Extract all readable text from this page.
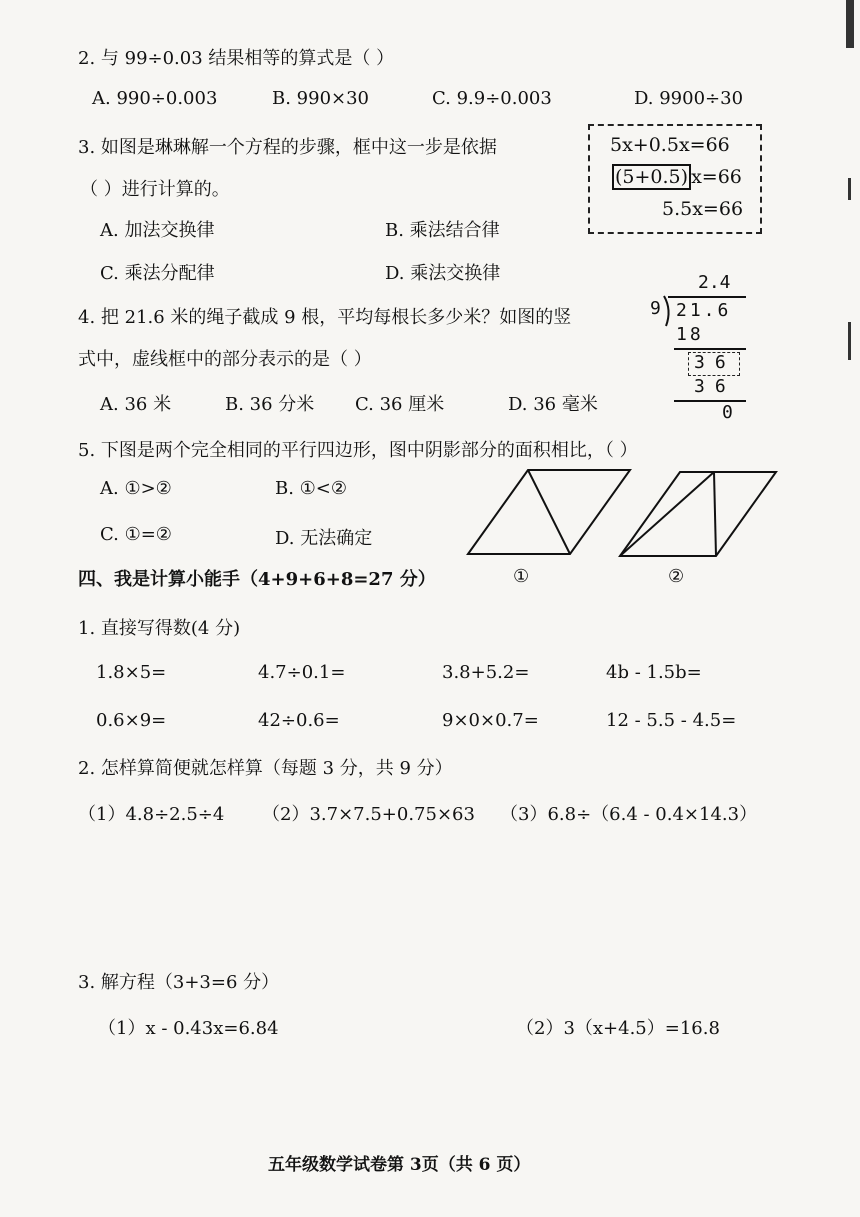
2. 与 99÷0.03 结果相等的算式是（ ）
A. 990÷0.003	B. 990×30	C. 9.9÷0.003	D. 9900÷30
3. 如图是琳琳解一个方程的步骤，框中这一步是依据
（ ）进行计算的。
A. 加法交换律	B. 乘法结合律
C. 乘法分配律	D. 乘法交换律
5x+0.5x=66
(5+0.5) x=66
5.5x=66
4. 把 21.6 米的绳子截成 9 根，平均每根长多少米？如图的竖
式中，虚线框中的部分表示的是（ ）
A. 36 米	B. 36 分米 C. 36 厘米	D. 36 毫米
2.4
9 21.6
18
36
36
0
5. 下图是两个完全相同的平行四边形，图中阴影部分的面积相比，（ ）
A. ①>②	B. ①<②
C. ①=②	D. 无法确定
①	②
四、我是计算小能手（4+9+6+8=27 分）
1. 直接写得数(4 分)
1.8×5=	4.7÷0.1=	3.8+5.2=	4b - 1.5b=
0.6×9=	42÷0.6=	9×0×0.7=	12 - 5.5 - 4.5=
2. 怎样算简便就怎样算（每题 3 分，共 9 分）
（1）4.8÷2.5÷4 （2）3.7×7.5+0.75×63 （3）6.8÷（6.4 - 0.4×14.3）
3. 解方程（3+3=6 分）
（1）x - 0.43x=6.84	（2）3（x+4.5）=16.8
五年级数学试卷第 3页（共 6 页）
